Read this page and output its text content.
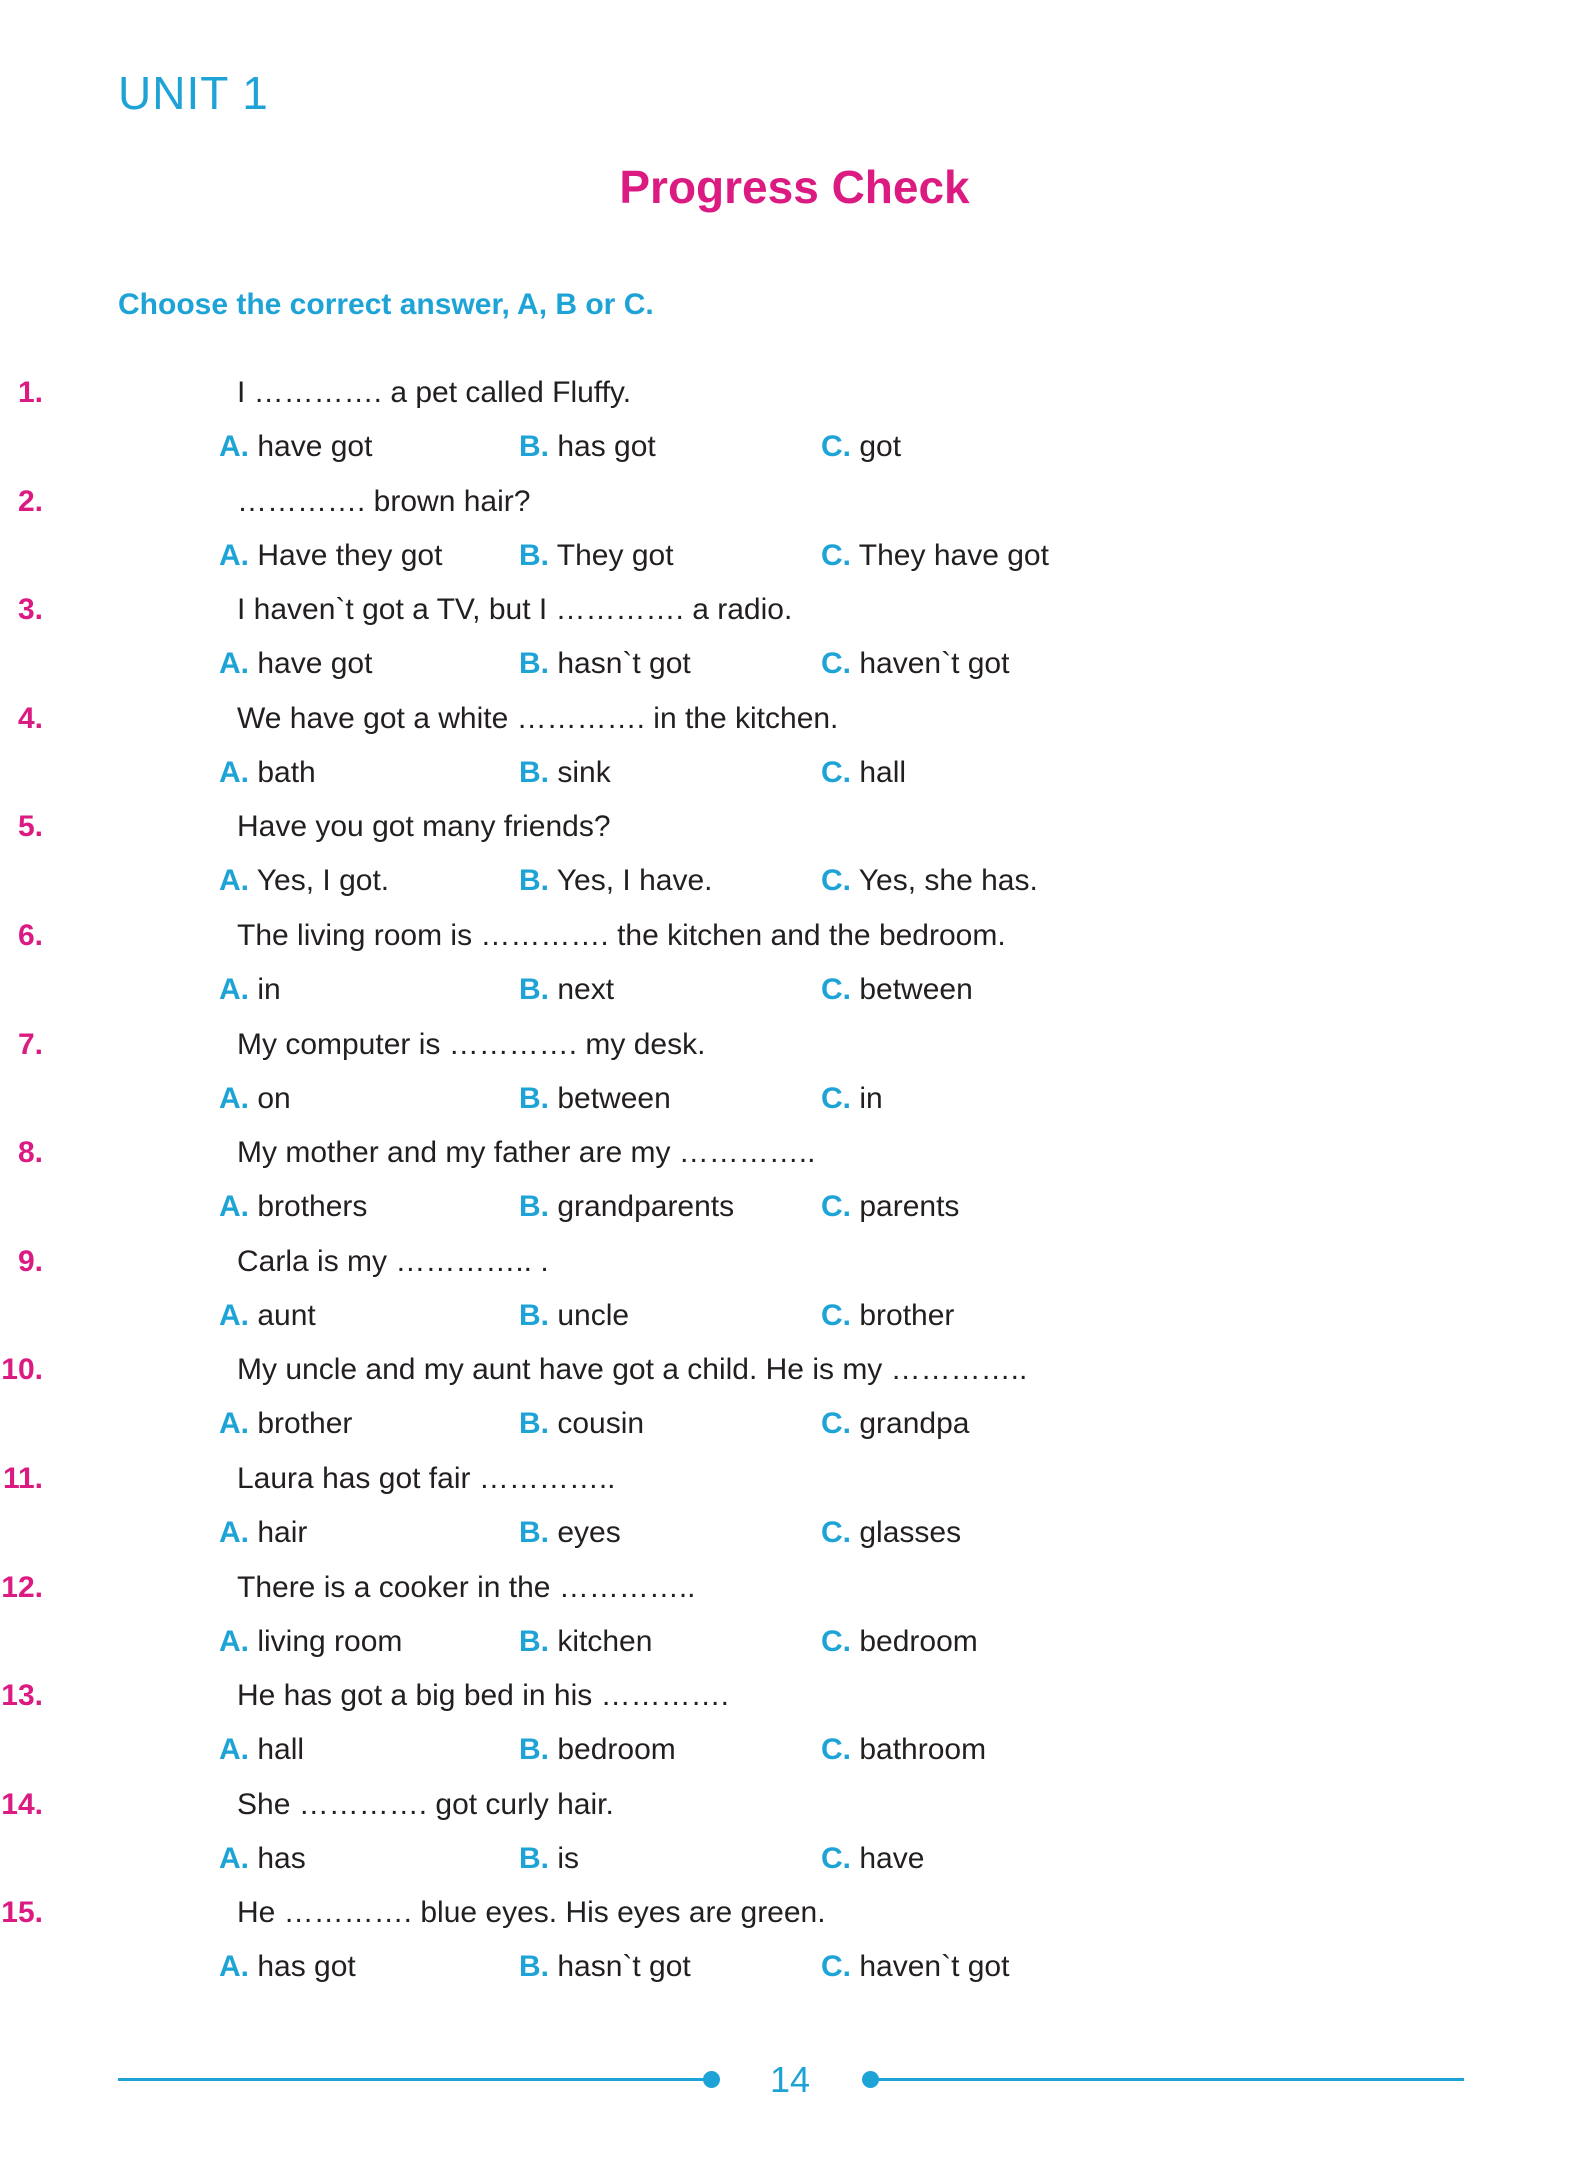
UNIT 1
Progress Check
Choose the correct answer, A, B or C.
1.	I …………. a pet called Fluffy.
A. have got	B. has got	C. got
2.	…………. brown hair?
A. Have they got	B. They got	C. They have got
3.	I haven`t got a TV, but I …………. a radio.
A. have got	B. hasn`t got	C. haven`t got
4.	We have got a white …………. in the kitchen.
A. bath	B. sink	C. hall
5.	Have you got many friends?
A. Yes, I got.	B. Yes, I have.	C. Yes, she has.
6.	The living room is …………. the kitchen and the bedroom.
A. in	B. next	C. between
7.	My computer is …………. my desk.
A. on	B. between	C. in
8.	My mother and my father are my …………..
A. brothers	B. grandparents	C. parents
9.	Carla is my ………….. .
A. aunt	B. uncle	C. brother
10.	My uncle and my aunt have got a child. He is my …………..
A. brother	B. cousin	C. grandpa
11.	Laura has got fair …………..
A. hair	B. eyes	C. glasses
12.	There is a cooker in the …………..
A. living room	B. kitchen	C. bedroom
13.	He has got a big bed in his ………….
A. hall	B. bedroom	C. bathroom
14.	She …………. got curly hair.
A. has	B. is	C. have
15.	He …………. blue eyes. His eyes are green.
A. has got	B. hasn`t got	C. haven`t got
14
